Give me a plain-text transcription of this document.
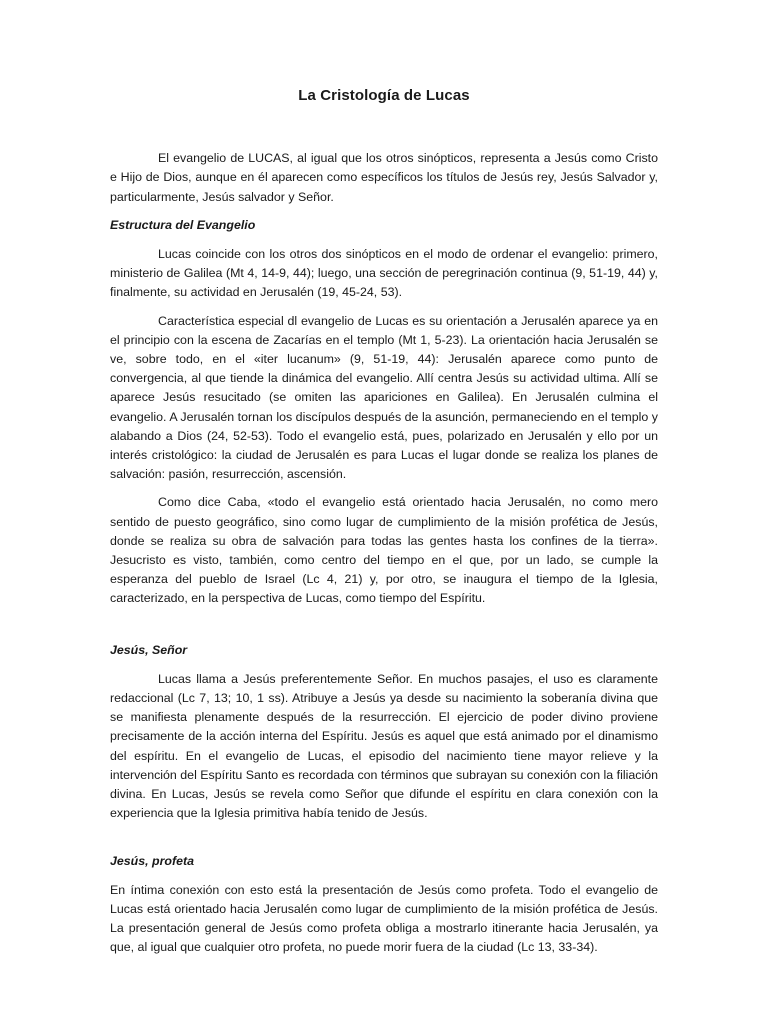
La Cristología de Lucas

El evangelio de LUCAS, al igual que los otros sinópticos, representa a Jesús como Cristo e Hijo de Dios, aunque en él aparecen como específicos los títulos de Jesús rey, Jesús Salvador y, particularmente, Jesús salvador y Señor.

Estructura del Evangelio

Lucas coincide con los otros dos sinópticos en el modo de ordenar el evangelio: primero, ministerio de Galilea (Mt 4, 14-9, 44); luego, una sección de peregrinación continua (9, 51-19, 44) y, finalmente, su actividad en Jerusalén (19, 45-24, 53).

Característica especial dl evangelio de Lucas es su orientación a Jerusalén aparece ya en el principio con la escena de Zacarías en el templo (Mt 1, 5-23). La orientación hacia Jerusalén se ve, sobre todo, en el «iter lucanum» (9, 51-19, 44): Jerusalén aparece como punto de convergencia, al que tiende la dinámica del evangelio. Allí centra Jesús su actividad ultima. Allí se aparece Jesús resucitado (se omiten las apariciones en Galilea). En Jerusalén culmina el evangelio. A Jerusalén tornan los discípulos después de la asunción, permaneciendo en el templo y alabando a Dios (24, 52-53). Todo el evangelio está, pues, polarizado en Jerusalén y ello por un interés cristológico: la ciudad de Jerusalén es para Lucas el lugar donde se realiza los planes de salvación: pasión, resurrección, ascensión.

Como dice Caba, «todo el evangelio está orientado hacia Jerusalén, no como mero sentido de puesto geográfico, sino como lugar de cumplimiento de la misión profética de Jesús, donde se realiza su obra de salvación para todas las gentes hasta los confines de la tierra». Jesucristo es visto, también, como centro del tiempo en el que, por un lado, se cumple la esperanza del pueblo de Israel (Lc 4, 21) y, por otro, se inaugura el tiempo de la Iglesia, caracterizado, en la perspectiva de Lucas, como tiempo del Espíritu.

Jesús, Señor

Lucas llama a Jesús preferentemente Señor. En muchos pasajes, el uso es claramente redaccional (Lc 7, 13; 10, 1 ss). Atribuye a Jesús ya desde su nacimiento la soberanía divina que se manifiesta plenamente después de la resurrección. El ejercicio de poder divino proviene precisamente de la acción interna del Espíritu. Jesús es aquel que está animado por el dinamismo del espíritu. En el evangelio de Lucas, el episodio del nacimiento tiene mayor relieve y la intervención del Espíritu Santo es recordada con términos que subrayan su conexión con la filiación divina. En Lucas, Jesús se revela como Señor que difunde el espíritu en clara conexión con la experiencia que la Iglesia primitiva había tenido de Jesús.

Jesús, profeta

En íntima conexión con esto está la presentación de Jesús como profeta. Todo el evangelio de Lucas está orientado hacia Jerusalén como lugar de cumplimiento de la misión profética de Jesús. La presentación general de Jesús como profeta obliga a mostrarlo itinerante hacia Jerusalén, ya que, al igual que cualquier otro profeta, no puede morir fuera de la ciudad (Lc 13, 33-34).
